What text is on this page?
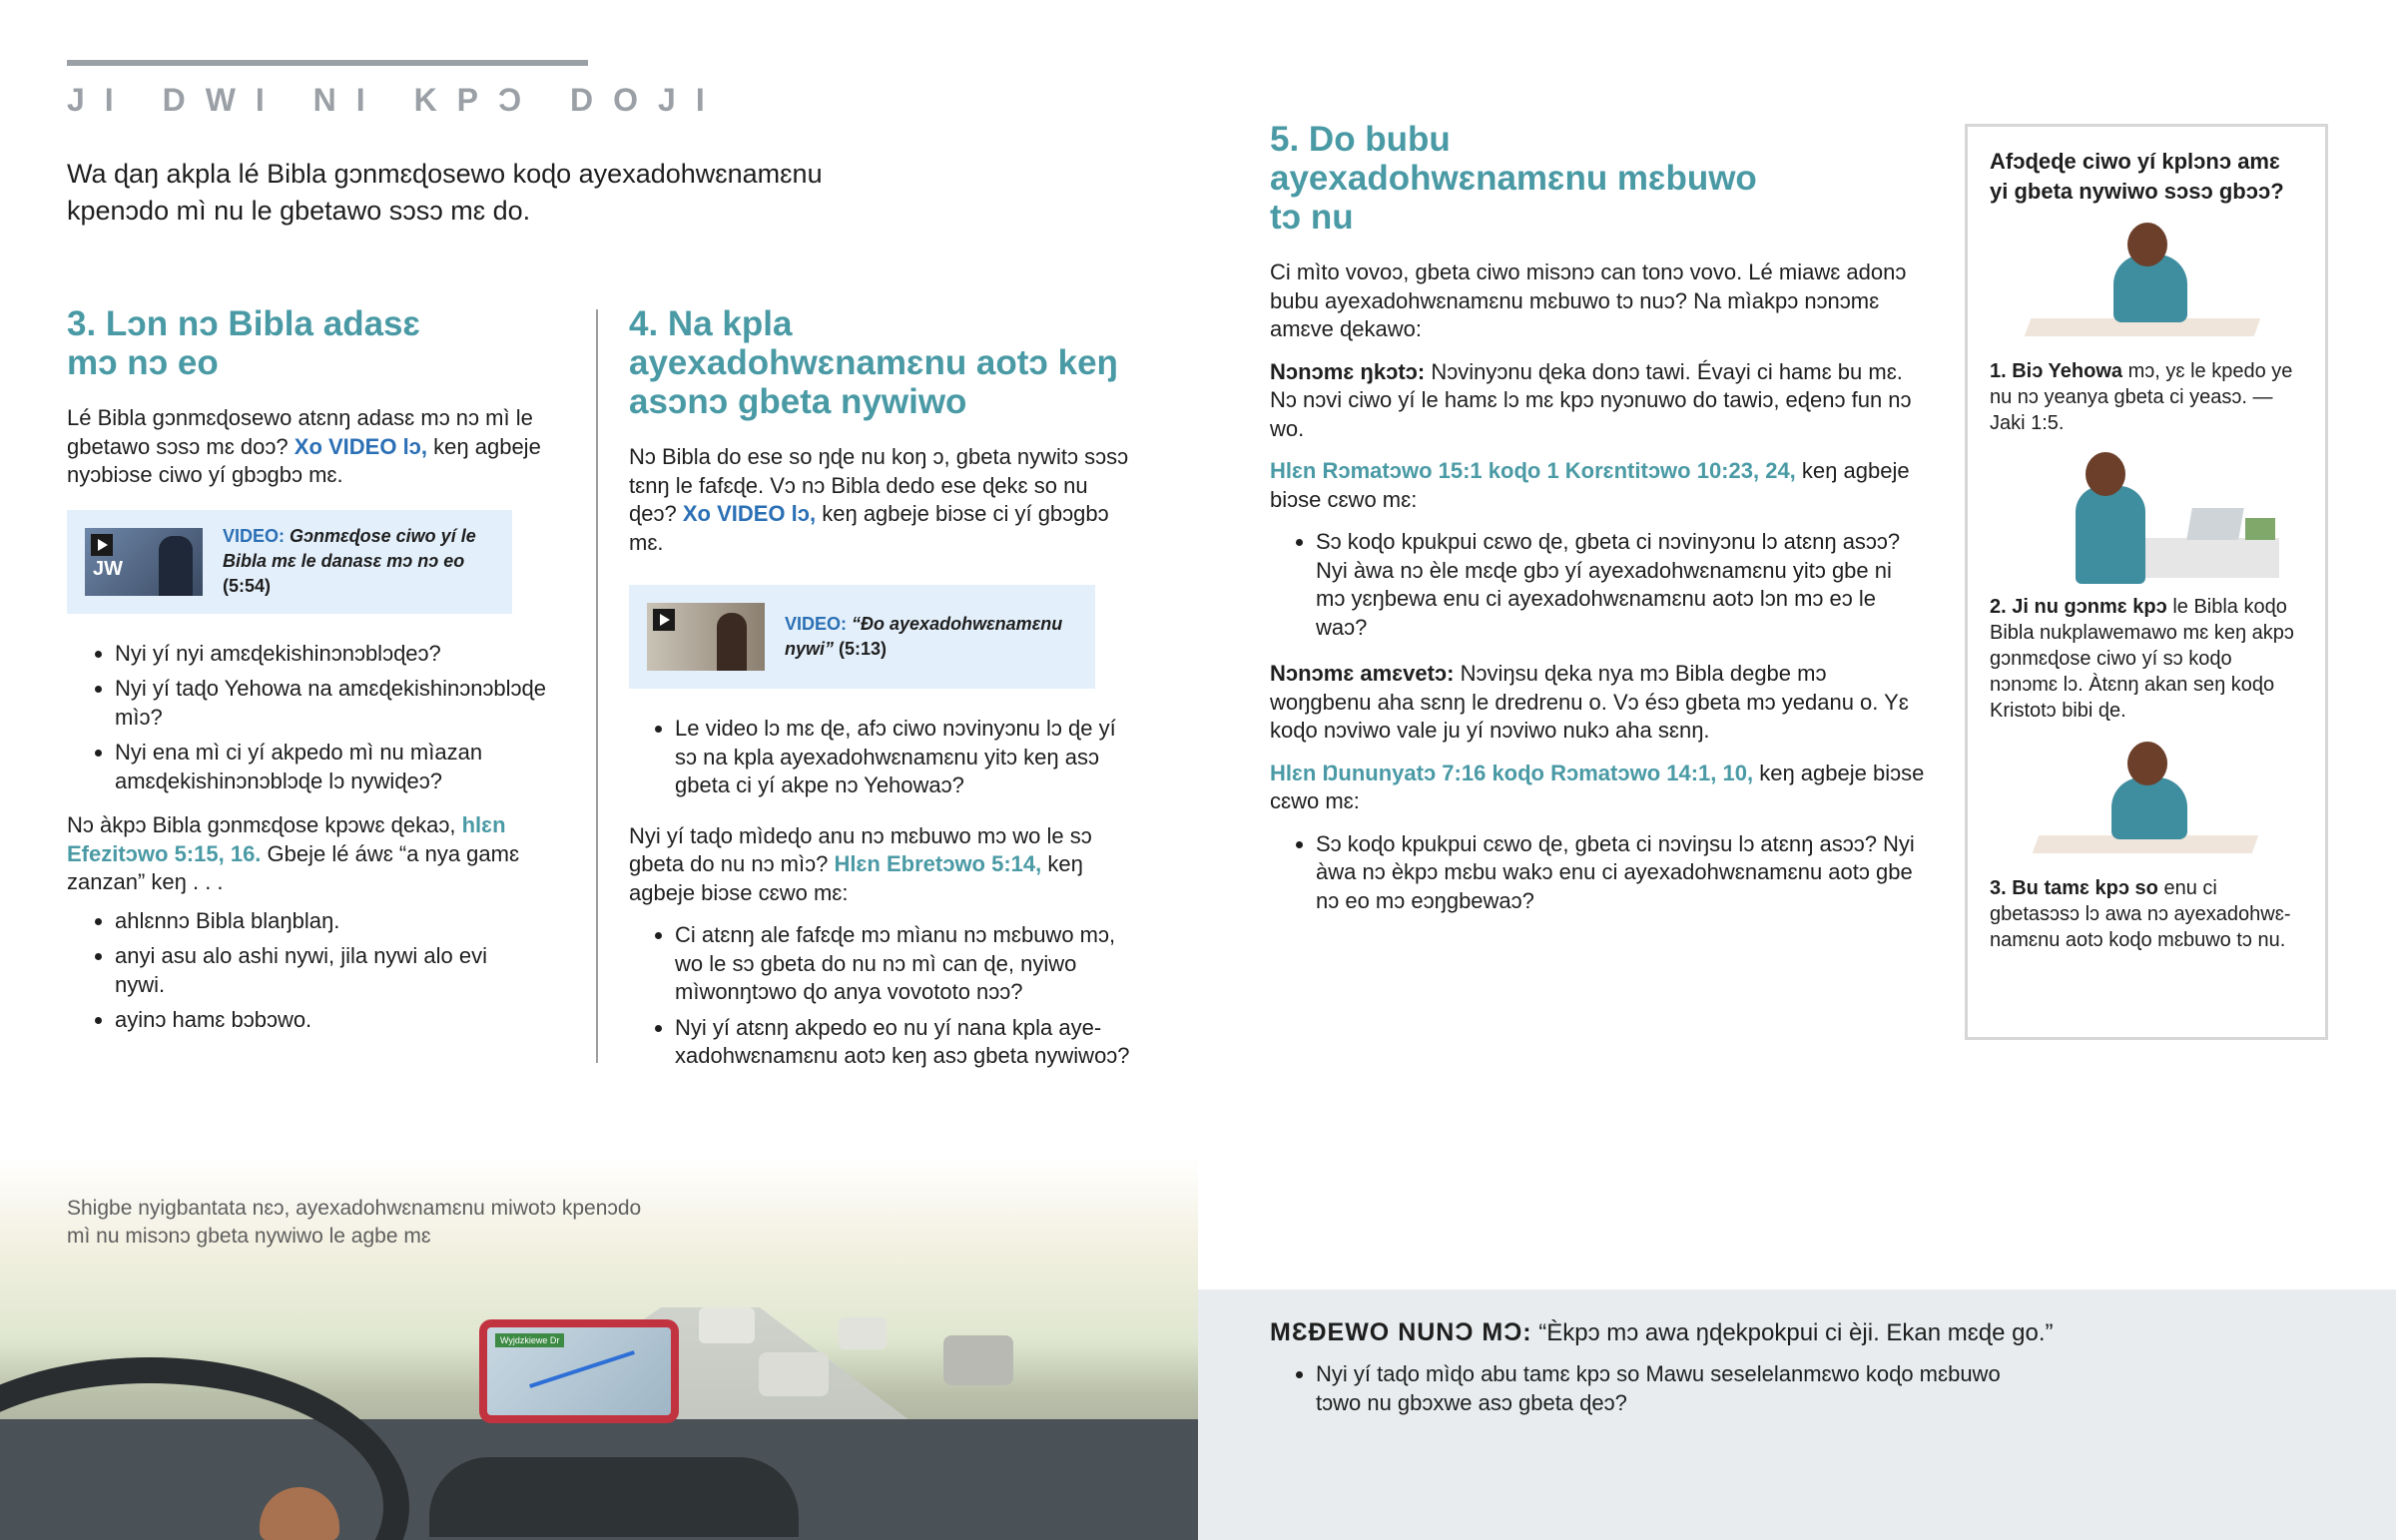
JI DWI NI KPƆ DOJI
Wa ɖaŋ akpla lé Bibla gɔnmɛɖosewo koɖo ayexadohwɛnamɛnu kpenɔdo mì nu le gbetawo sɔsɔ mɛ do.
3. Lɔn nɔ Bibla adasɛ mɔ nɔ eo
Lé Bibla gɔnmɛɖosewo atɛnŋ adasɛ mɔ nɔ mì le gbetawo sɔsɔ mɛ doɔ? Xo VIDEO lɔ, keŋ agbeje nyɔbiɔse ciwo yí gbɔgbɔ mɛ.
JW
VIDEO: Gɔnmɛɖose ciwo yí le Bibla mɛ le danasɛ mɔ nɔ eo (5:54)
• Nyi yí nyi amɛɖekishinɔnɔblɔɖeɔ?
• Nyi yí taɖo Yehowa na amɛɖekishinɔnɔblɔɖe mìɔ?
• Nyi ena mì ci yí akpedo mì nu mìazan amɛɖekishinɔnɔblɔɖe lɔ nywiɖeɔ?
Nɔ àkpɔ Bibla gɔnmɛɖose kpɔwɛ ɖekaɔ, hlɛn Efezitɔwo 5:15, 16. Gbeje lé áwɛ “a nya gamɛ zanzan” keŋ . . .
• ahlɛnnɔ Bibla blaŋblaŋ.
• anyi asu alo ashi nywi, jila nywi alo evi nywi.
• ayinɔ hamɛ bɔbɔwo.
4. Na kpla ayexadohwɛnamɛnu aotɔ keŋ asɔnɔ gbeta nywiwo
Nɔ Bibla do ese so ŋɖe nu koŋ ɔ, gbeta nywitɔ sɔsɔ tɛnŋ le fafɛɖe. Vɔ nɔ Bibla dedo ese ɖekɛ so nu ɖeɔ? Xo VIDEO lɔ, keŋ agbeje biɔse ci yí gbɔgbɔ mɛ.
VIDEO: “Ɖo ayexadohwɛnamɛnu nywi” (5:13)
• Le video lɔ mɛ ɖe, afɔ ciwo nɔvinyɔnu lɔ ɖe yí sɔ na kpla ayexadohwɛnamɛnu yitɔ keŋ asɔ gbeta ci yí akpe nɔ Yehowaɔ?
Nyi yí taɖo mìdeɖo anu nɔ mɛbuwo mɔ wo le sɔ gbeta do nu nɔ mìɔ? Hlɛn Ebretɔwo 5:14, keŋ agbeje biɔse cɛwo mɛ:
• Ci atɛnŋ ale fafɛɖe mɔ mìanu nɔ mɛbuwo mɔ, wo le sɔ gbeta do nu nɔ mì can ɖe, nyiwo mìwonŋtɔwo ɖo anya vovototo nɔɔ?
• Nyi yí atɛnŋ akpedo eo nu yí nana kpla ayexadohwɛnamɛnu aotɔ keŋ asɔ gbeta nywiwoɔ?
5. Do bubu ayexadohwɛnamɛnu mɛbuwo tɔ nu
Ci mìto vovoɔ, gbeta ciwo misɔnɔ can tonɔ vovo. Lé miawɛ adonɔ bubu ayexadohwɛnamɛnu mɛbuwo tɔ nuɔ? Na mìakpɔ nɔnɔmɛ amɛve ɖekawo:
Nɔnɔmɛ ŋkɔtɔ: Nɔvinyɔnu ɖeka donɔ tawi. Évayi ci hamɛ bu mɛ. Nɔ nɔvi ciwo yí le hamɛ lɔ mɛ kpɔ nyɔnuwo do tawiɔ, eɖenɔ fun nɔ wo.
Hlɛn Rɔmatɔwo 15:1 koɖo 1 Korɛntitɔwo 10:23, 24, keŋ agbeje biɔse cɛwo mɛ:
• Sɔ koɖo kpukpui cɛwo ɖe, gbeta ci nɔvinyɔnu lɔ atɛnŋ asɔɔ? Nyi àwa nɔ èle mɛɖe gbɔ yí ayexadohwɛnamɛnu yitɔ gbe ni mɔ yɛŋbewa enu ci ayexadohwɛnamɛnu aotɔ lɔn mɔ eɔ le waɔ?
Nɔnɔmɛ amɛvetɔ: Nɔviŋsu ɖeka nya mɔ Bibla degbe mɔ woŋgbenu aha sɛnŋ le dredrenu o. Vɔ ésɔ gbeta mɔ yedanu o. Yɛ koɖo nɔviwo vale ju yí nɔviwo nukɔ aha sɛnŋ.
Hlɛn Ŋununyatɔ 7:16 koɖo Rɔmatɔwo 14:1, 10, keŋ agbeje biɔse cɛwo mɛ:
• Sɔ koɖo kpukpui cɛwo ɖe, gbeta ci nɔviŋsu lɔ atɛnŋ asɔɔ? Nyi àwa nɔ èkpɔ mɛbu wakɔ enu ci ayexadohwɛnamɛnu aotɔ gbe nɔ eo mɔ eɔŋgbewaɔ?
Afɔɖeɖe ciwo yí kplɔnɔ amɛ yi gbeta nywiwo sɔsɔ gbɔɔ?
1. Biɔ Yehowa mɔ, yɛ le kpedo ye nu nɔ yeanya gbeta ci yeasɔ. —Jaki 1:5.
2. Ji nu gɔnmɛ kpɔ le Bibla koɖo Bibla nukplawemawo mɛ keŋ akpɔ gɔnmɛɖose ciwo yí sɔ koɖo nɔnɔmɛ lɔ. Àtɛnŋ akan seŋ koɖo Kristotɔ bibi ɖe.
3. Bu tamɛ kpɔ so enu ci gbetasɔsɔ lɔ awa nɔ ayexadohwɛnamɛnu aotɔ koɖo mɛbuwo tɔ nu.
Wyjdzkiewe Dr
Shigbe nyigbantata nɛɔ, ayexadohwɛnamɛnu miwotɔ kpenɔdo mì nu misɔnɔ gbeta nywiwo le agbe mɛ
MƐƉEWO NUNƆ MƆ: “Èkpɔ mɔ awa ŋɖekpokpui ci èji. Ekan mɛɖe go.”
• Nyi yí taɖo mìɖo abu tamɛ kpɔ so Mawu seselelanmɛwo koɖo mɛbuwo tɔwo nu gbɔxwe asɔ gbeta ɖeɔ?
